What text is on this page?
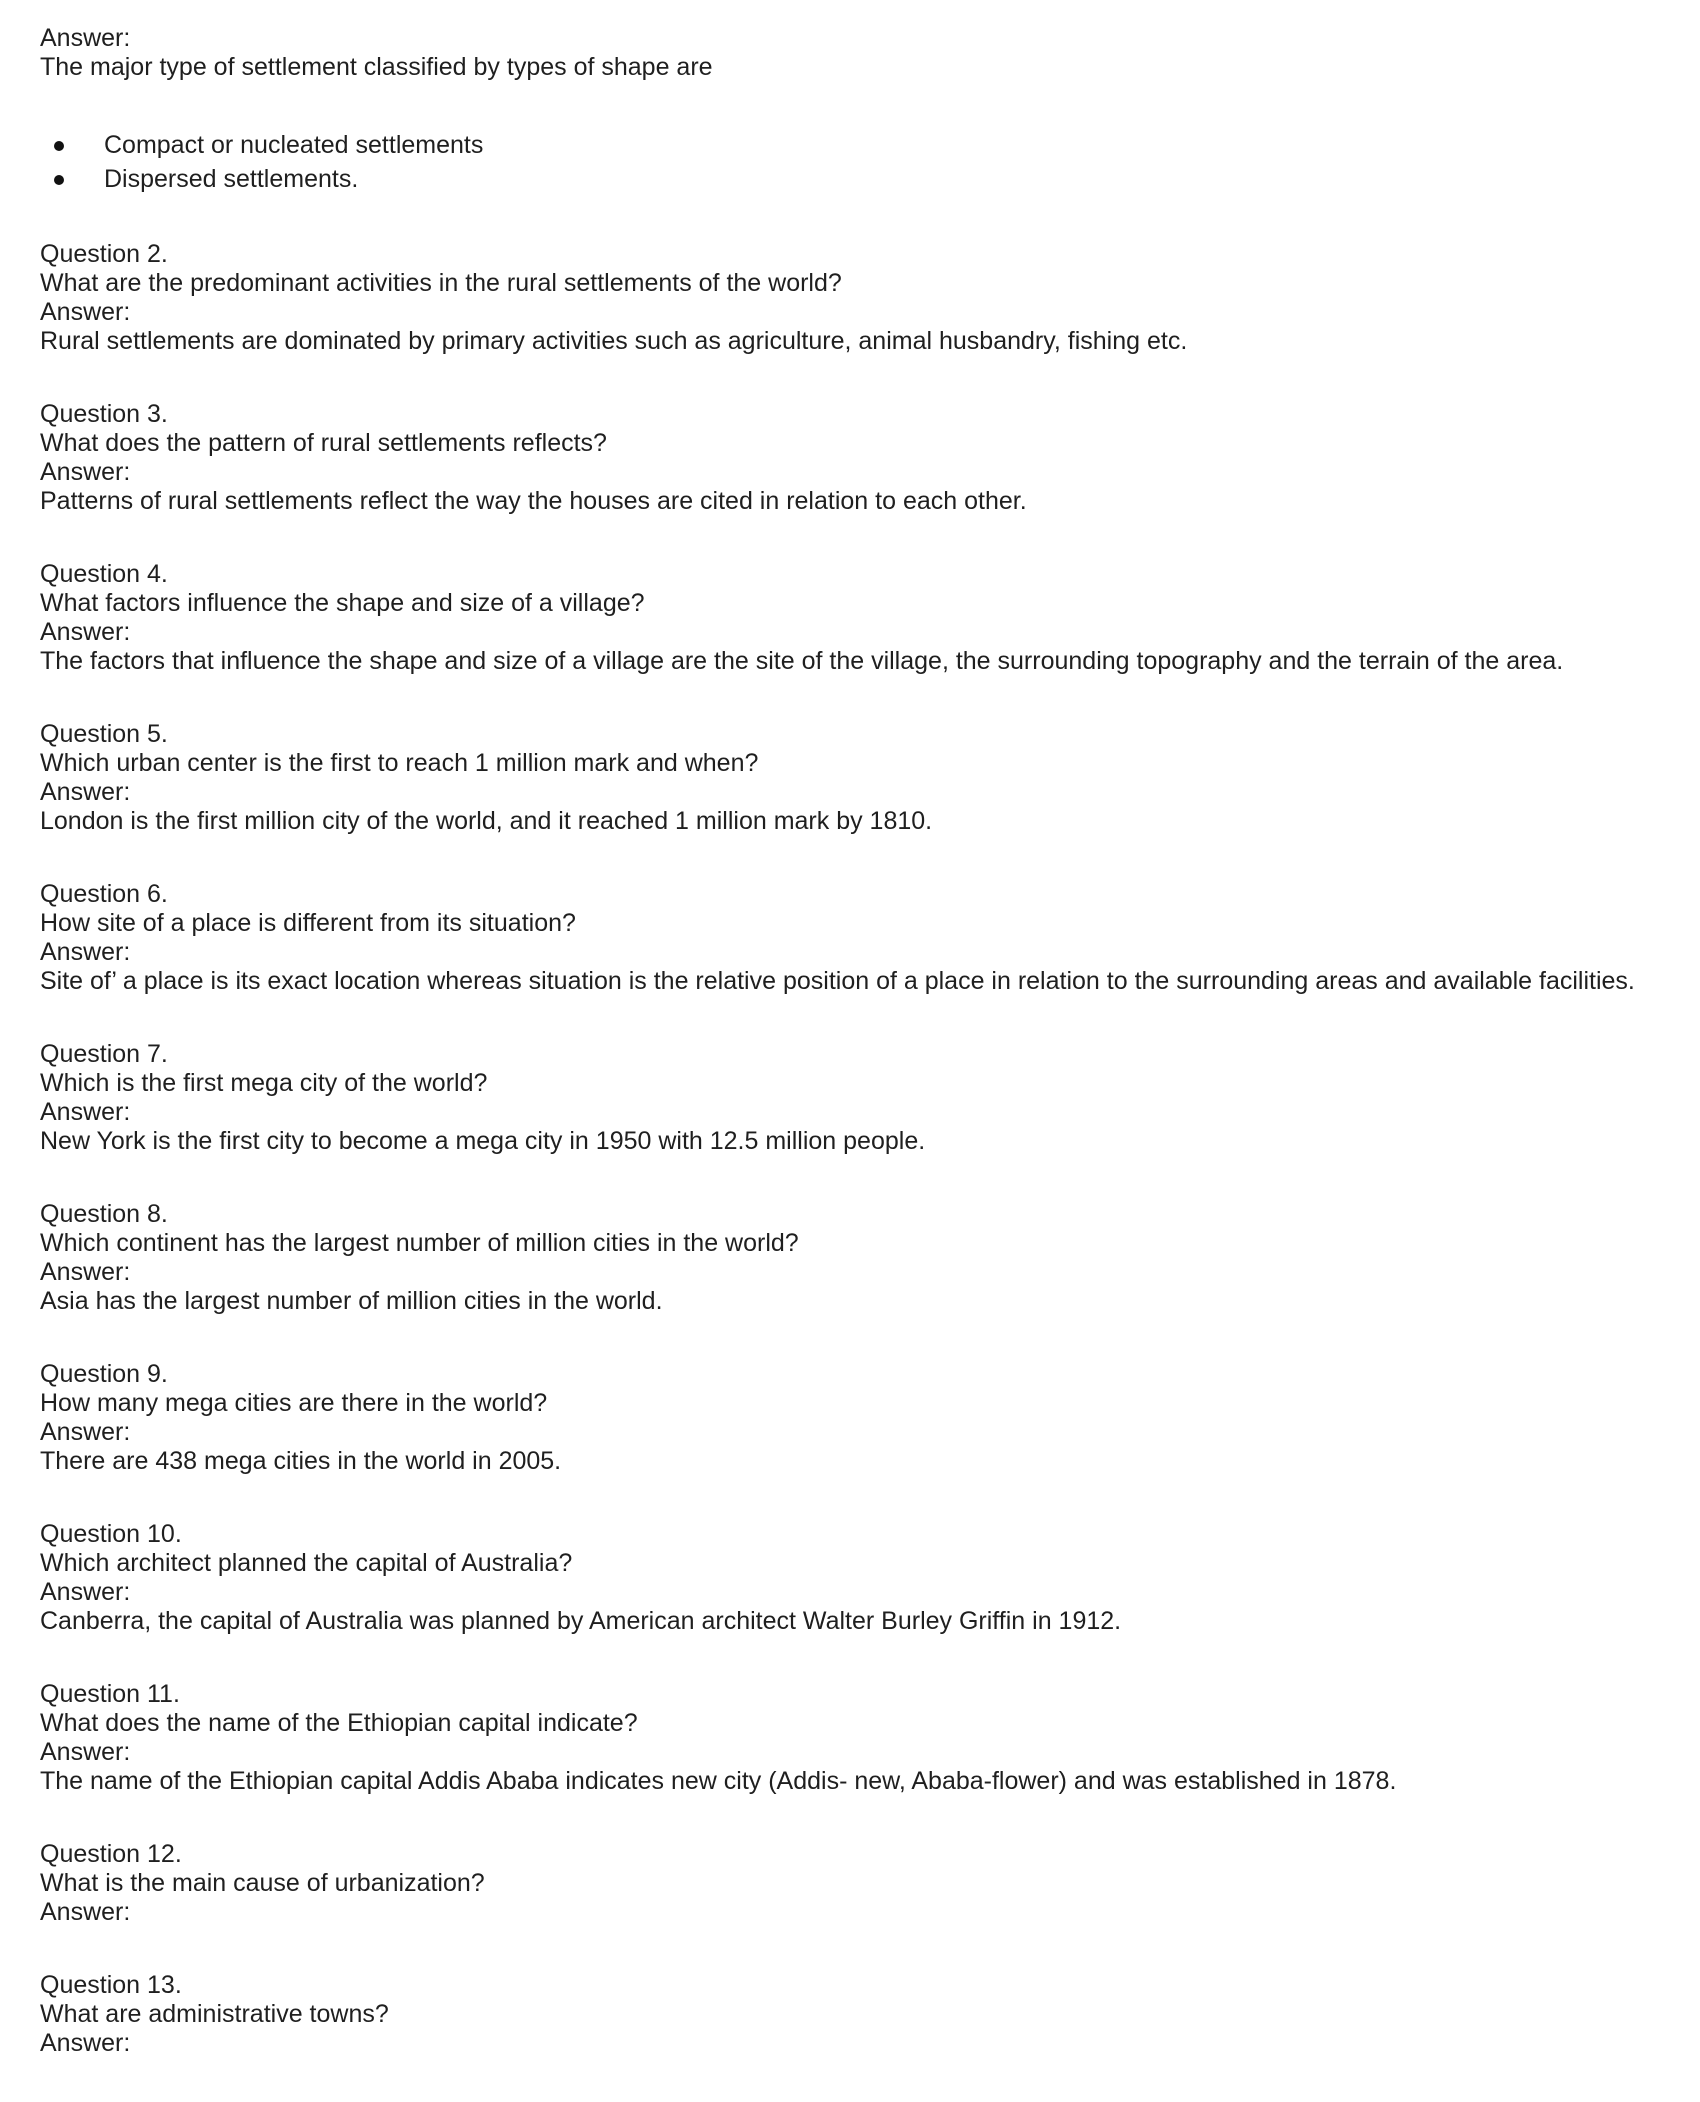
Answer:
The major type of settlement classified by types of shape are
Compact or nucleated settlements
Dispersed settlements.
Question 2.
What are the predominant activities in the rural settlements of the world?
Answer:
Rural settlements are dominated by primary activities such as agriculture, animal husbandry, fishing etc.
Question 3.
What does the pattern of rural settlements reflects?
Answer:
Patterns of rural settlements reflect the way the houses are cited in relation to each other.
Question 4.
What factors influence the shape and size of a village?
Answer:
The factors that influence the shape and size of a village are the site of the village, the surrounding topography and the terrain of the area.
Question 5.
Which urban center is the first to reach 1 million mark and when?
Answer:
London is the first million city of the world, and it reached 1 million mark by 1810.
Question 6.
How site of a place is different from its situation?
Answer:
Site of’ a place is its exact location whereas situation is the relative position of a place in relation to the surrounding areas and available facilities.
Question 7.
Which is the first mega city of the world?
Answer:
New York is the first city to become a mega city in 1950 with 12.5 million people.
Question 8.
Which continent has the largest number of million cities in the world?
Answer:
Asia has the largest number of million cities in the world.
Question 9.
How many mega cities are there in the world?
Answer:
There are 438 mega cities in the world in 2005.
Question 10.
Which architect planned the capital of Australia?
Answer:
Canberra, the capital of Australia was planned by American architect Walter Burley Griffin in 1912.
Question 11.
What does the name of the Ethiopian capital indicate?
Answer:
The name of the Ethiopian capital Addis Ababa indicates new city (Addis- new, Ababa-flower) and was established in 1878.
Question 12.
What is the main cause of urbanization?
Answer:
Question 13.
What are administrative towns?
Answer:
